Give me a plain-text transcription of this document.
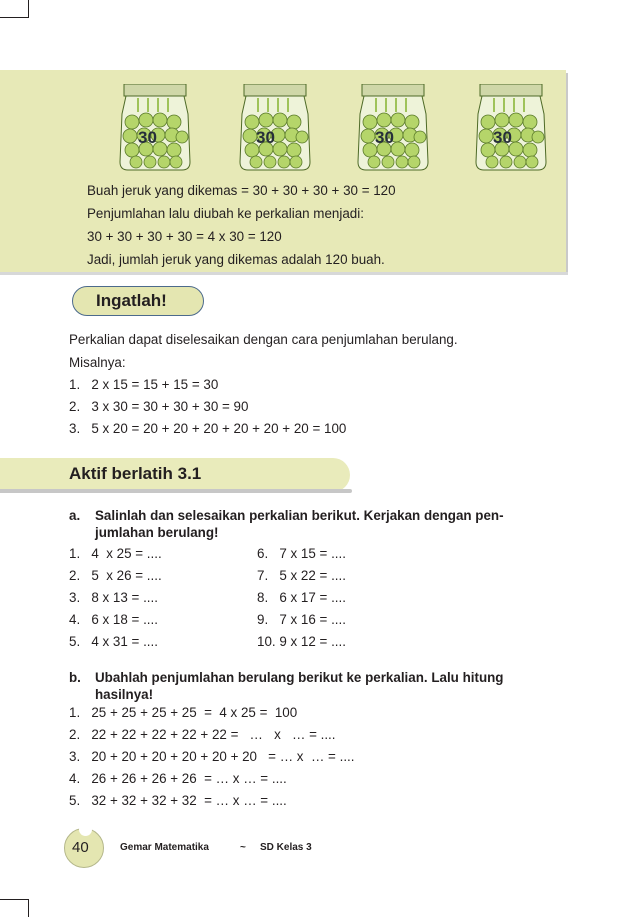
30	30	30	30
Buah jeruk yang dikemas = 30 + 30 + 30 + 30 = 120
Penjumlahan lalu diubah ke perkalian menjadi:
30 + 30 + 30 + 30 = 4 x 30 = 120
Jadi, jumlah jeruk yang dikemas adalah 120 buah.
Ingatlah!
Perkalian dapat diselesaikan dengan cara penjumlahan berulang.
Misalnya:
1.   2 x 15 = 15 + 15 = 30
2.   3 x 30 = 30 + 30 + 30 = 90
3.   5 x 20 = 20 + 20 + 20 + 20 + 20 + 20 = 100
Aktif berlatih 3.1
a. Salinlah dan selesaikan perkalian berikut. Kerjakan dengan pen-
jumlahan berulang!
1.   4  x 25 = ....
2.   5  x 26 = ....
3.   8 x 13 = ....
4.   6 x 18 = ....
5.   4 x 31 = ....
6.   7 x 15 = ....
7.   5 x 22 = ....
8.   6 x 17 = ....
9.   7 x 16 = ....
10. 9 x 12 = ....
b. Ubahlah penjumlahan berulang berikut ke perkalian. Lalu hitung
hasilnya!
1.   25 + 25 + 25 + 25  =  4 x 25 =  100
2.   22 + 22 + 22 + 22 + 22 =   …   x   … = ....
3.   20 + 20 + 20 + 20 + 20 + 20   = … x  … = ....
4.   26 + 26 + 26 + 26  = … x … = ....
5.   32 + 32 + 32 + 32  = … x … = ....
40	Gemar Matematika	~ SD Kelas 3
